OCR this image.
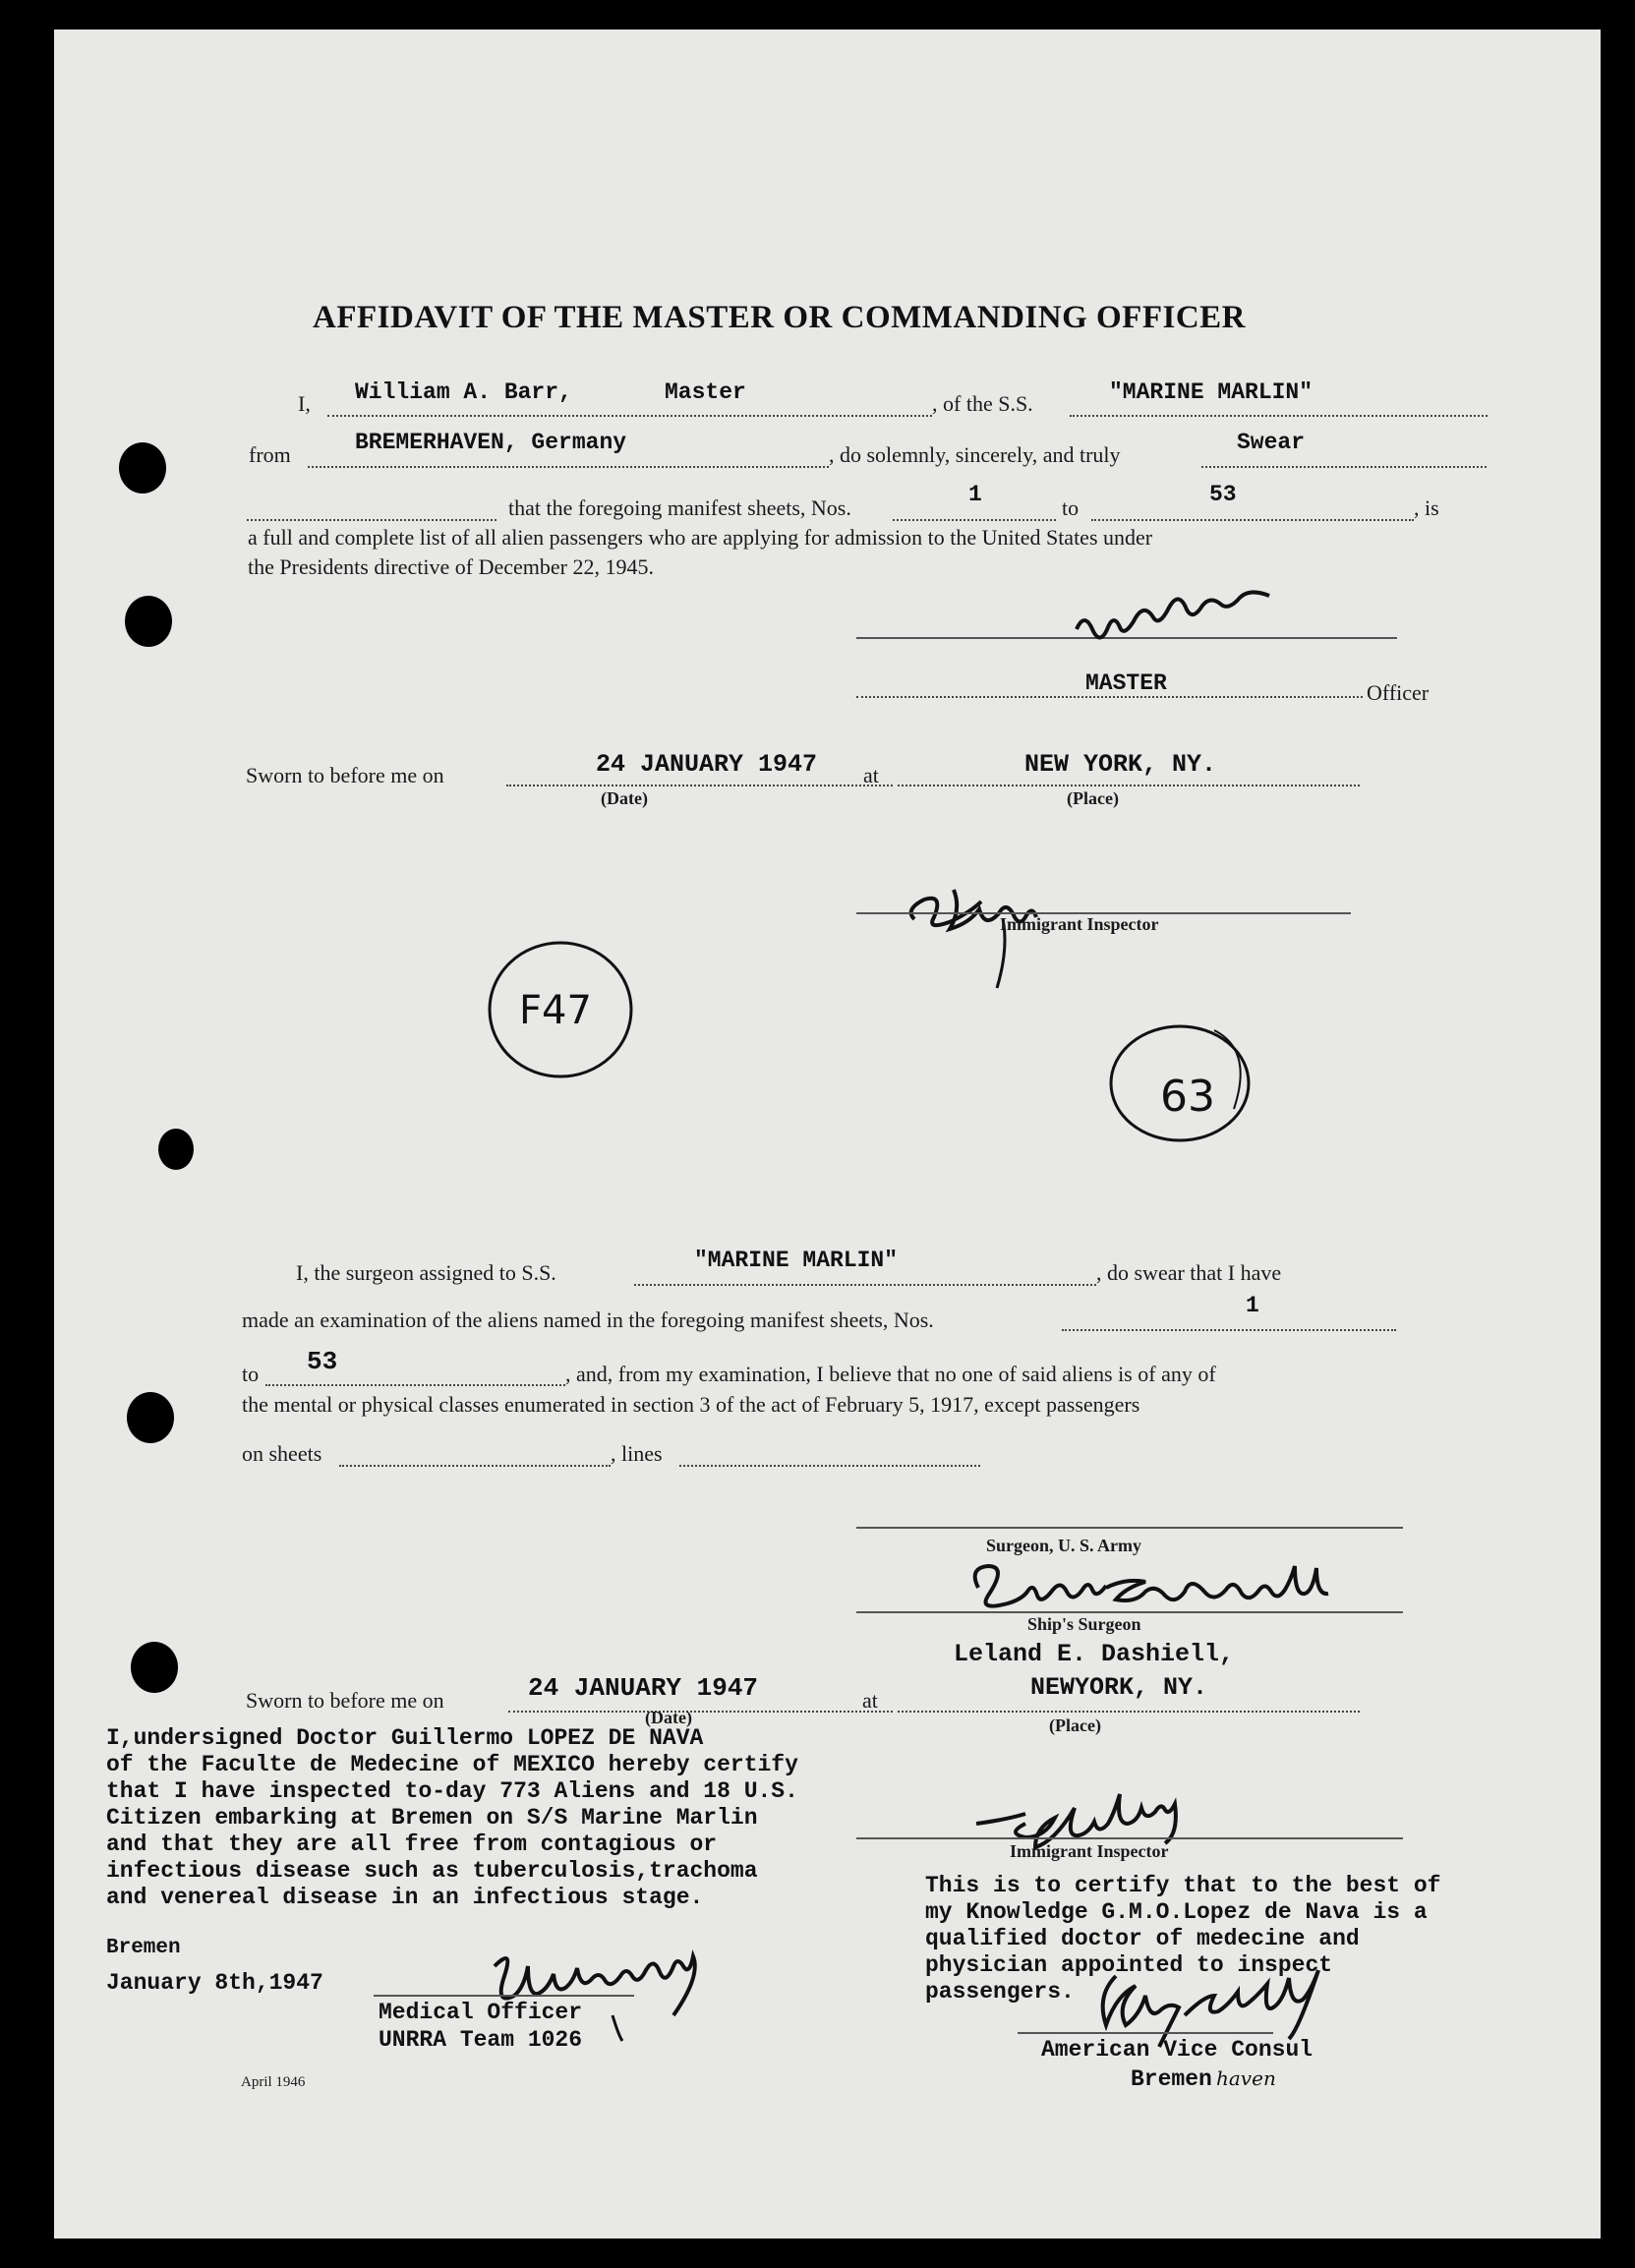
AFFIDAVIT OF THE MASTER OR COMMANDING OFFICER
I, William A. Barr,	Master	, of the S.S.	"MARINE MARLIN"
from	BREMERHAVEN, Germany	, do solemnly, sincerely, and truly	Swear
that the foregoing manifest sheets, Nos.
1
to
53
, is
a full and complete list of all alien passengers who are applying for admission to the United States under
the Presidents directive of December 22, 1945.
MASTER	Officer
Sworn to before me on	24 JANUARY 1947
(Date)
at	NEW YORK, NY.
(Place)
Immigrant Inspector
F47
63
I, the surgeon assigned to S.S.	"MARINE MARLIN"	, do swear that I have
made an examination of the aliens named in the foregoing manifest sheets, Nos.
1
to 53	, and, from my examination, I believe that no one of said aliens is of any of
the mental or physical classes enumerated in section 3 of the act of February 5, 1917, except passengers
on sheets	, lines
Surgeon, U. S. Army
Ship's Surgeon
Leland E. Dashiell,
Sworn to before me on	24 JANUARY 1947
(Date)
at	NEWYORK, NY.
(Place)
Immigrant Inspector
I,undersigned Doctor Guillermo LOPEZ DE NAVA
of the Faculte de Medecine of MEXICO hereby certify
that I have inspected to-day 773 Aliens and 18 U.S.
Citizen embarking at Bremen on S/S Marine Marlin
and that they are all free from contagious or
infectious disease such as tuberculosis,trachoma
and venereal disease in an infectious stage.
Bremen
January 8th,1947
Medical Officer
UNRRA Team 1026
This is to certify that to the best of
my Knowledge G.M.O.Lopez de Nava is a
qualified doctor of medecine and
physician appointed to inspect
passengers.
American Vice Consul
Bremen haven
April 1946
